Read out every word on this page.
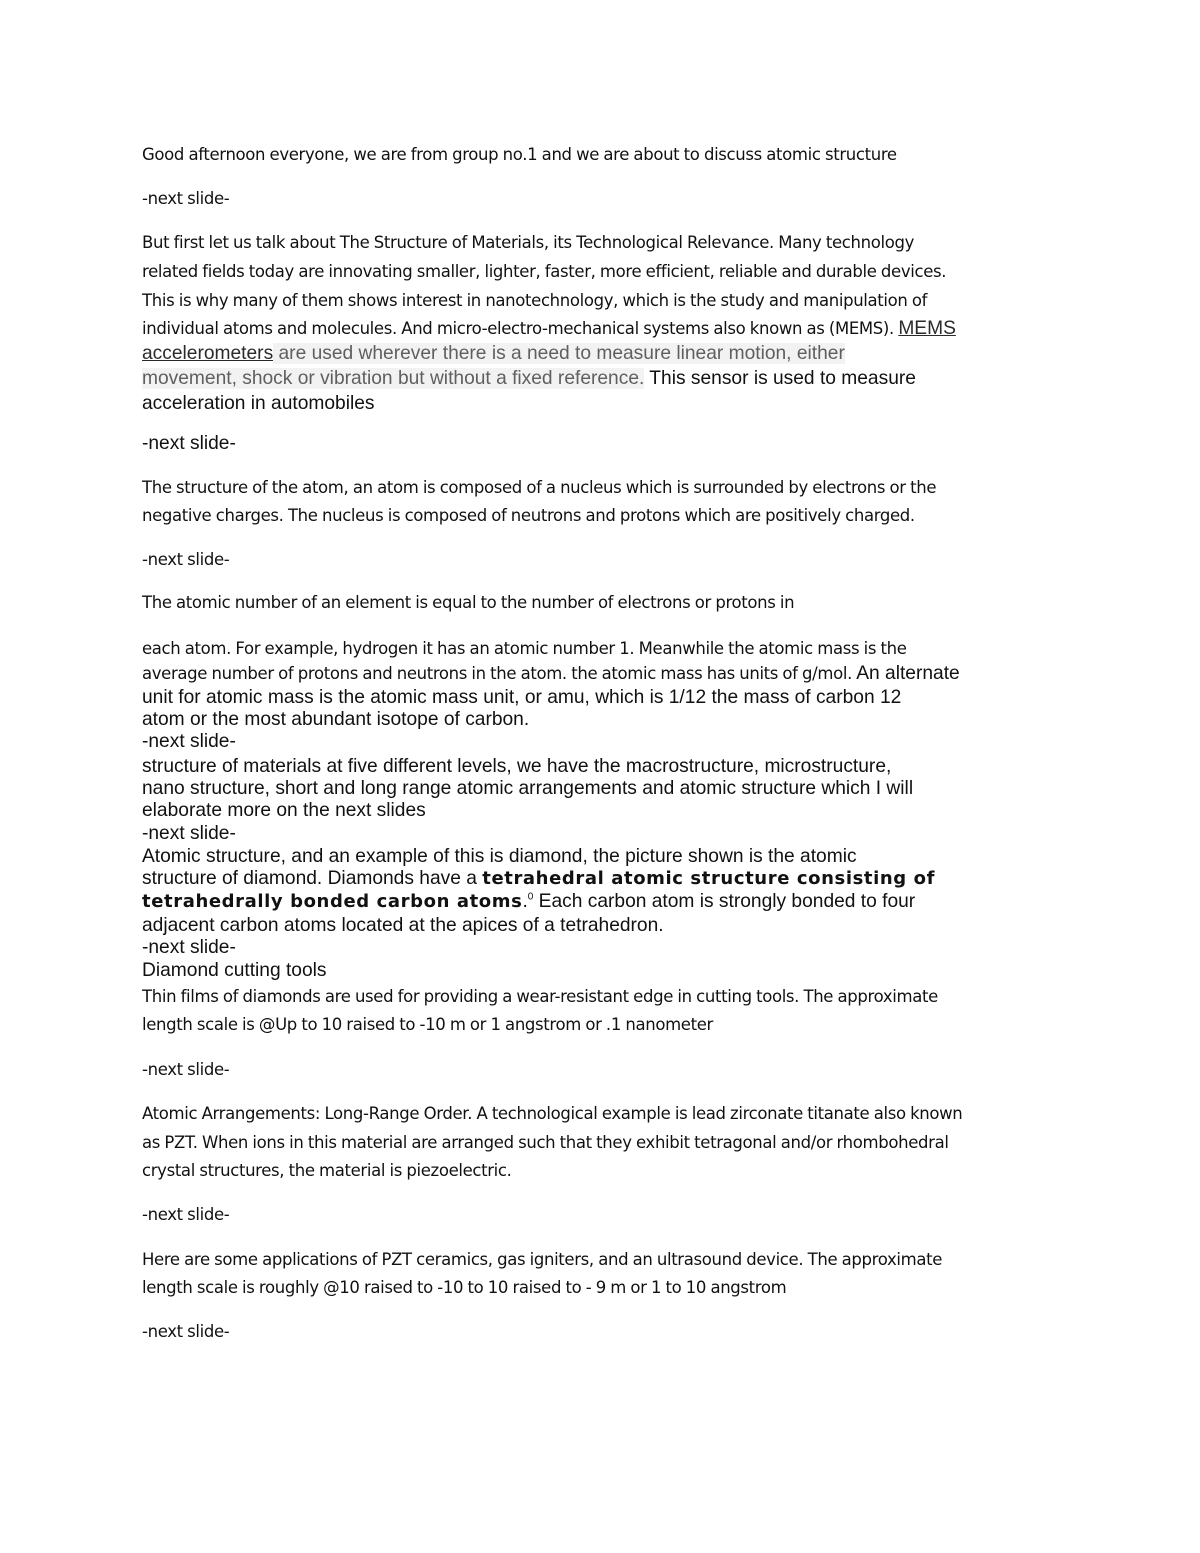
Good afternoon everyone, we are from group no.1 and we are about to discuss atomic structure
-next slide-
But first let us talk about The Structure of Materials, its Technological Relevance. Many technology
related fields today are innovating smaller, lighter, faster, more efficient, reliable and durable devices.
This is why many of them shows interest in nanotechnology, which is the study and manipulation of
individual atoms and molecules. And micro-electro-mechanical systems also known as (MEMS). MEMS
accelerometers are used wherever there is a need to measure linear motion, either
movement, shock or vibration but without a fixed reference. This sensor is used to measure
acceleration in automobiles
-next slide-
The structure of the atom, an atom is composed of a nucleus which is surrounded by electrons or the
negative charges. The nucleus is composed of neutrons and protons which are positively charged.
-next slide-
The atomic number of an element is equal to the number of electrons or protons in
each atom. For example, hydrogen it has an atomic number 1. Meanwhile the atomic mass is the
average number of protons and neutrons in the atom. the atomic mass has units of g/mol. An alternate
unit for atomic mass is the atomic mass unit, or amu, which is 1/12 the mass of carbon 12
atom or the most abundant isotope of carbon.
-next slide-
structure of materials at five different levels, we have the macrostructure, microstructure,
nano structure, short and long range atomic arrangements and atomic structure which I will
elaborate more on the next slides
-next slide-
Atomic structure, and an example of this is diamond, the picture shown is the atomic
structure of diamond. Diamonds have a tetrahedral atomic structure consisting of
tetrahedrally bonded carbon atoms.$^0$ Each carbon atom is strongly bonded to four
adjacent carbon atoms located at the apices of a tetrahedron.
-next slide-
Diamond cutting tools
Thin films of diamonds are used for providing a wear-resistant edge in cutting tools. The approximate
length scale is @Up to 10 raised to -10 m or 1 angstrom or .1 nanometer
-next slide-
Atomic Arrangements: Long-Range Order. A technological example is lead zirconate titanate also known
as PZT. When ions in this material are arranged such that they exhibit tetragonal and/or rhombohedral
crystal structures, the material is piezoelectric.
-next slide-
Here are some applications of PZT ceramics, gas igniters, and an ultrasound device. The approximate
length scale is roughly @10 raised to -10 to 10 raised to - 9 m or 1 to 10 angstrom
-next slide-
